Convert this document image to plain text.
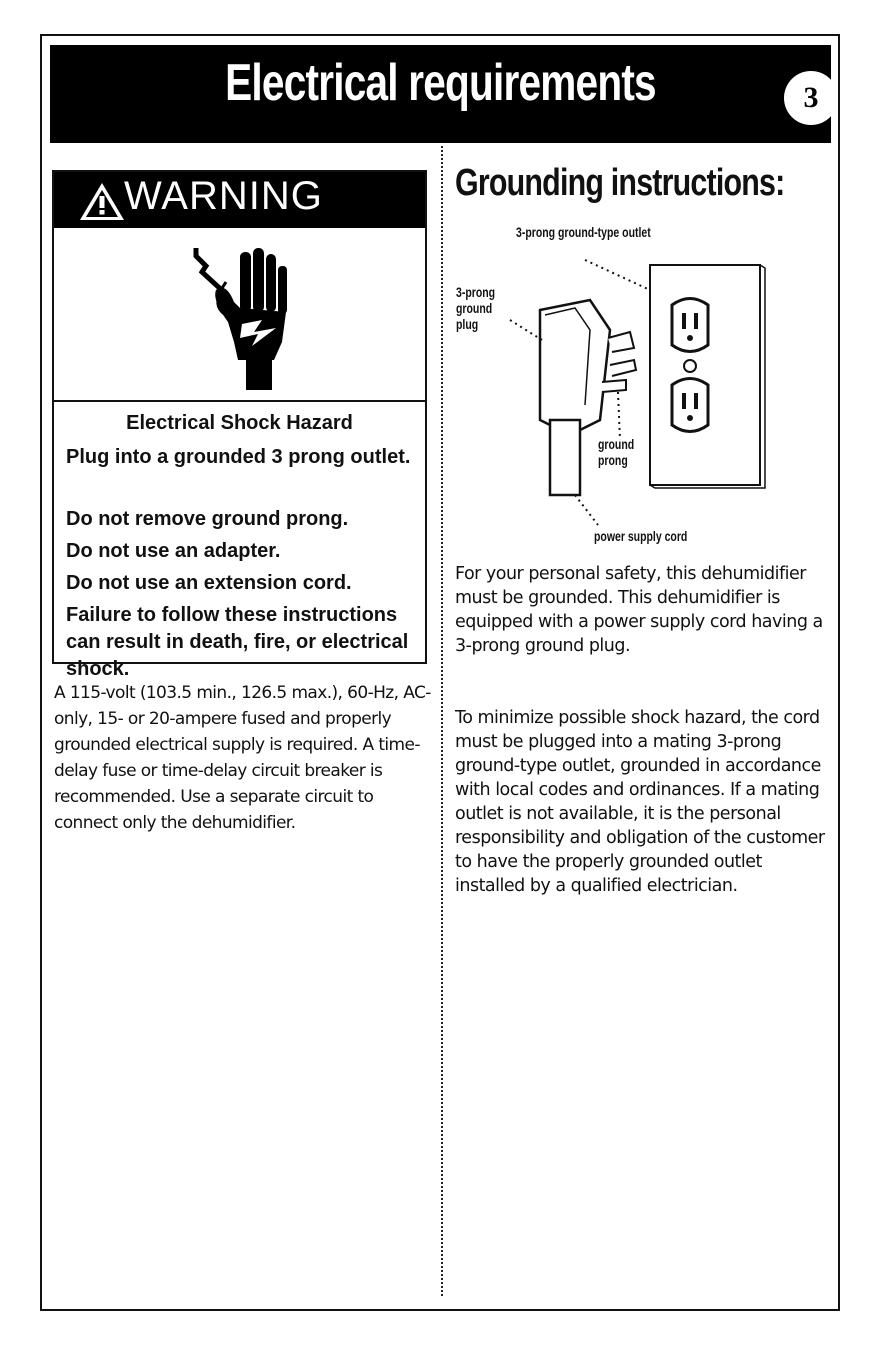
Electrical requirements	3
WARNING
Electrical Shock Hazard
Plug into a grounded 3 prong outlet.
Do not remove ground prong.
Do not use an adapter.
Do not use an extension cord.
Failure to follow these instructions can result in death, fire, or electrical shock.
A 115-volt (103.5 min., 126.5 max.), 60-Hz, AC-only, 15- or 20-ampere fused and properly grounded electrical supply is required. A time-delay fuse or time-delay circuit breaker is recommended. Use a separate circuit to connect only the dehumidifier.
Grounding instructions:
3-prong ground-type outlet
3-prong ground plug
ground prong
power supply cord
For your personal safety, this dehumidifier must be grounded. This dehumidifier is equipped with a power supply cord having a 3-prong ground plug.
To minimize possible shock hazard, the cord must be plugged into a mating 3-prong ground-type outlet, grounded in accordance with local codes and ordinances. If a mating outlet is not available, it is the personal responsibility and obligation of the customer to have the properly grounded outlet installed by a qualified electrician.
